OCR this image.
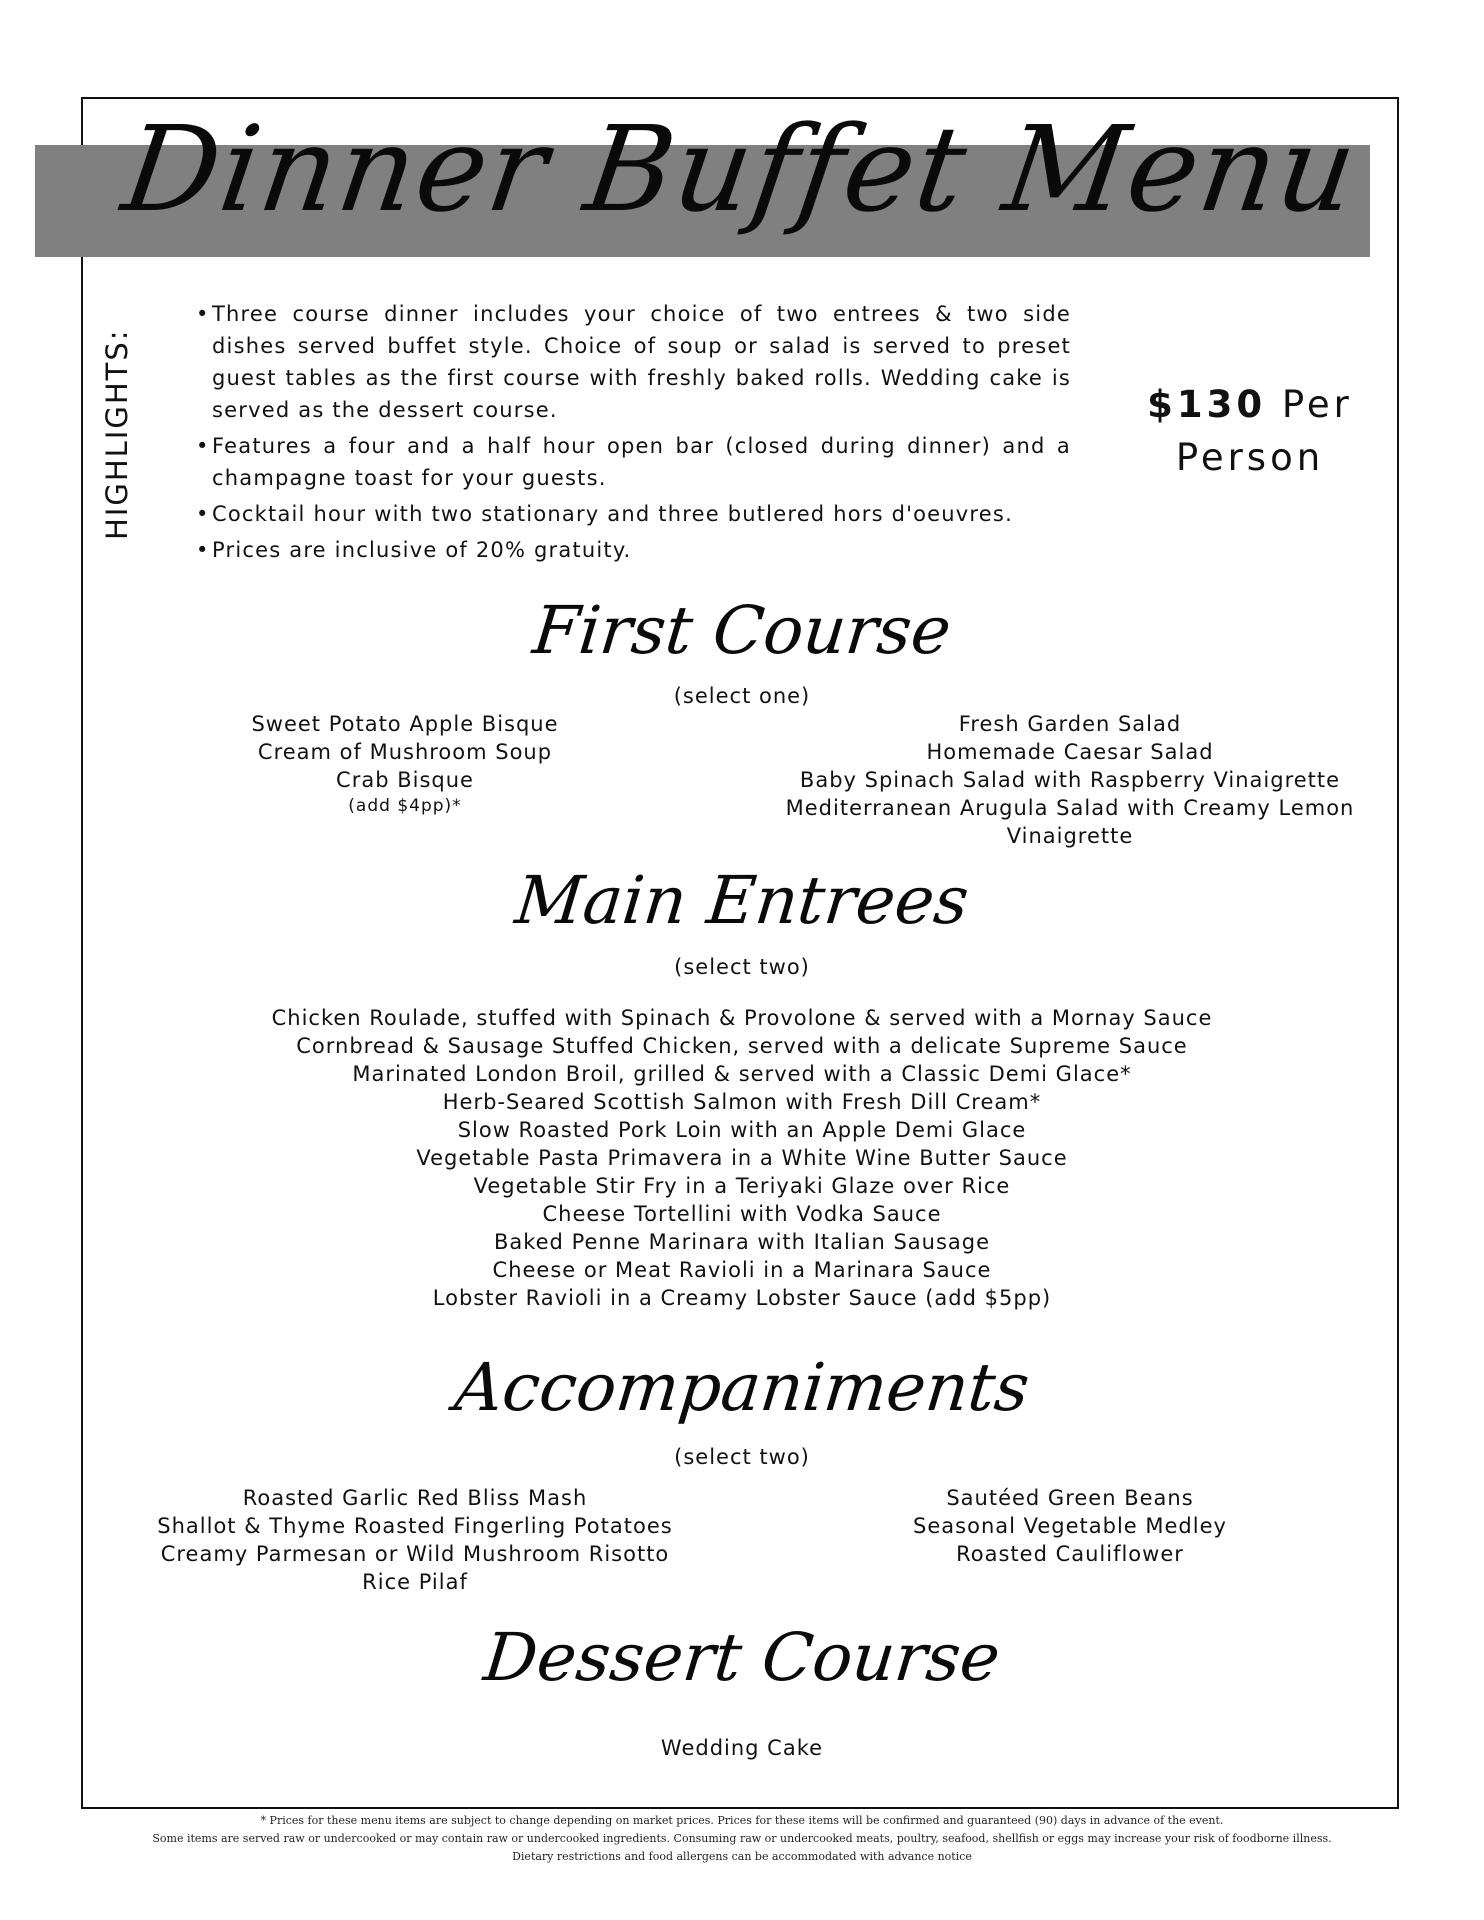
Dinner Buffet Menu
HIGHLIGHTS:
• Three course dinner includes your choice of two entrees & two side dishes served buffet style. Choice of soup or salad is served to preset guest tables as the first course with freshly baked rolls. Wedding cake is served as the dessert course.
• Features a four and a half hour open bar (closed during dinner) and a champagne toast for your guests.
• Cocktail hour with two stationary and three butlered hors d'oeuvres.
• Prices are inclusive of 20% gratuity.
$130 Per
Person
First Course
(select one)
Sweet Potato Apple Bisque
Cream of Mushroom Soup
Crab Bisque
(add $4pp)*
Fresh Garden Salad
Homemade Caesar Salad
Baby Spinach Salad with Raspberry Vinaigrette
Mediterranean Arugula Salad with Creamy Lemon
Vinaigrette
Main Entrees
(select two)
Chicken Roulade, stuffed with Spinach & Provolone & served with a Mornay Sauce
Cornbread & Sausage Stuffed Chicken, served with a delicate Supreme Sauce
Marinated London Broil, grilled & served with a Classic Demi Glace*
Herb-Seared Scottish Salmon with Fresh Dill Cream*
Slow Roasted Pork Loin with an Apple Demi Glace
Vegetable Pasta Primavera in a White Wine Butter Sauce
Vegetable Stir Fry in a Teriyaki Glaze over Rice
Cheese Tortellini with Vodka Sauce
Baked Penne Marinara with Italian Sausage
Cheese or Meat Ravioli in a Marinara Sauce
Lobster Ravioli in a Creamy Lobster Sauce (add $5pp)
Accompaniments
(select two)
Roasted Garlic Red Bliss Mash
Shallot & Thyme Roasted Fingerling Potatoes
Creamy Parmesan or Wild Mushroom Risotto
Rice Pilaf
Sautéed Green Beans
Seasonal Vegetable Medley
Roasted Cauliflower
Dessert Course
Wedding Cake
* Prices for these menu items are subject to change depending on market prices. Prices for these items will be confirmed and guaranteed (90) days in advance of the event.
Some items are served raw or undercooked or may contain raw or undercooked ingredients. Consuming raw or undercooked meats, poultry, seafood, shellfish or eggs may increase your risk of foodborne illness.
Dietary restrictions and food allergens can be accommodated with advance notice
